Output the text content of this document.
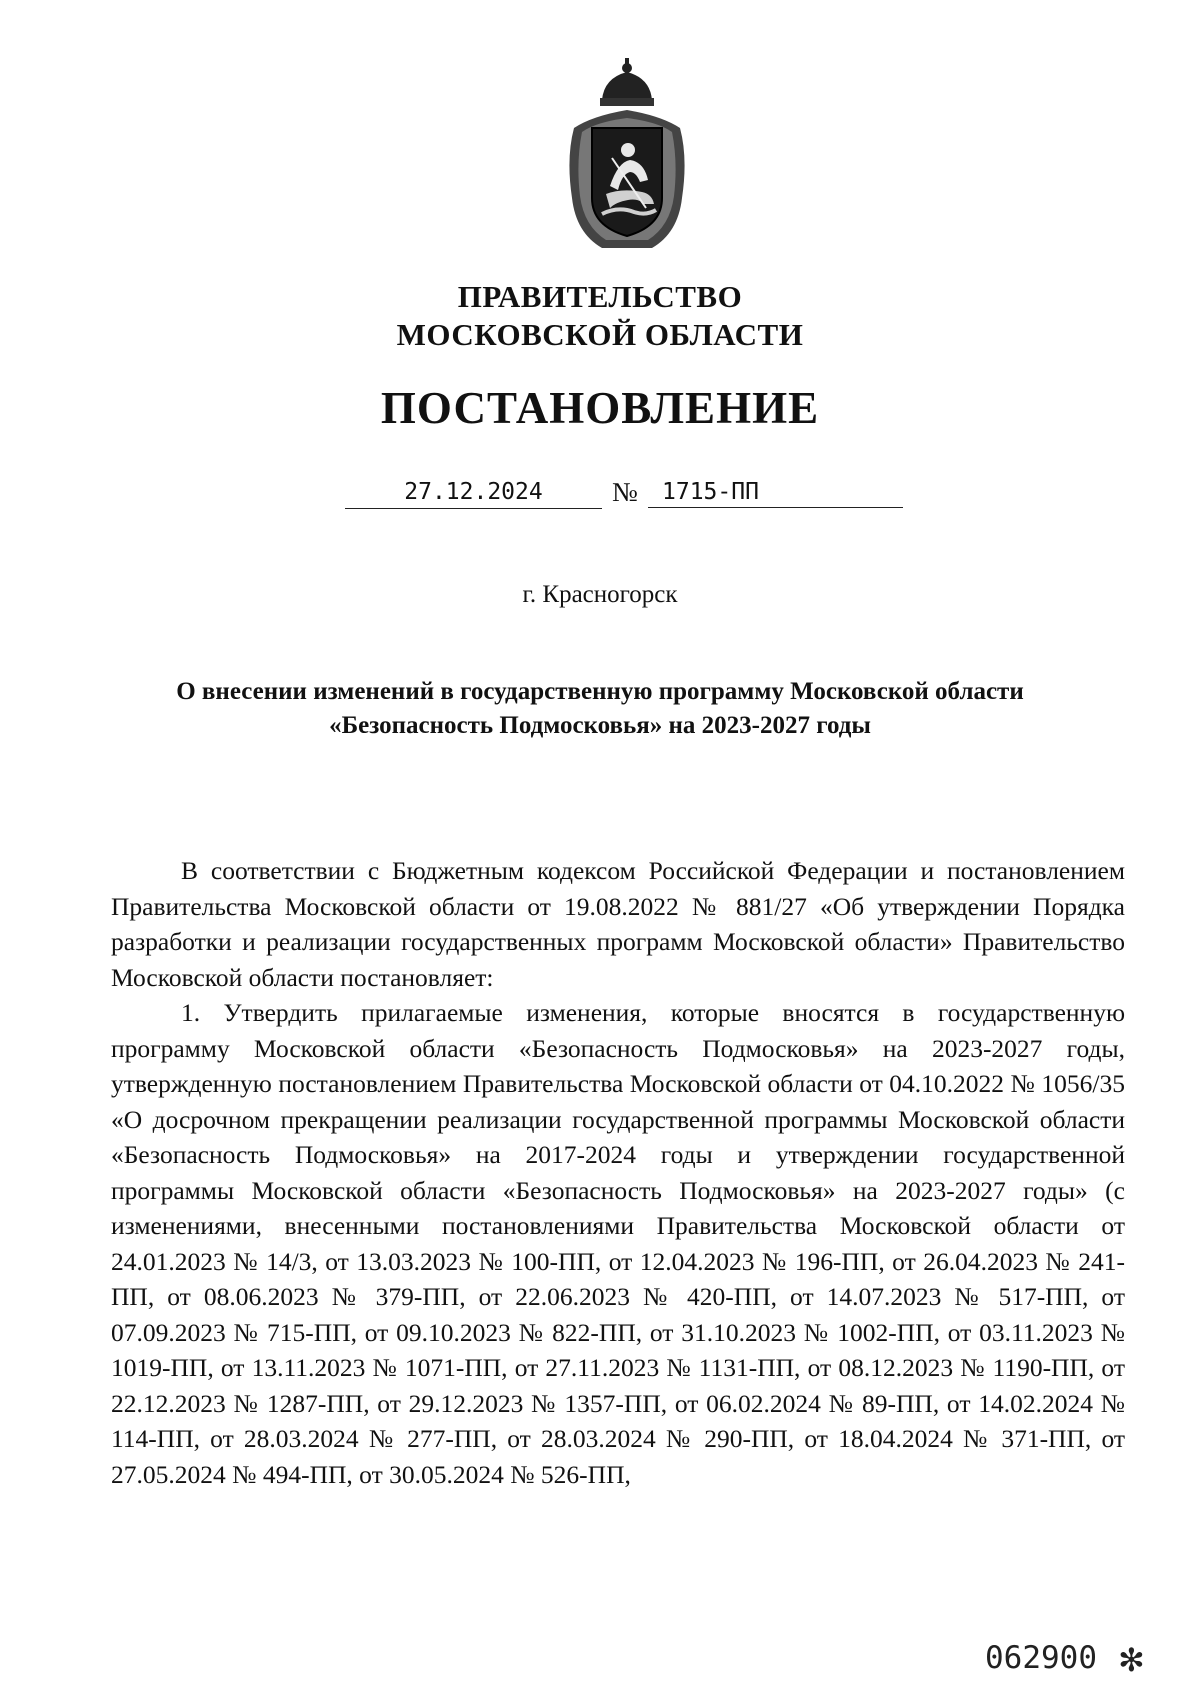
ПРАВИТЕЛЬСТВО
МОСКОВСКОЙ ОБЛАСТИ
ПОСТАНОВЛЕНИЕ
27.12.2024	№	1715-ПП
г. Красногорск
О внесении изменений в государственную программу Московской области
«Безопасность Подмосковья» на 2023-2027 годы

В соответствии с Бюджетным кодексом Российской Федерации и постановлением Правительства Московской области от 19.08.2022 № 881/27 «Об утверждении Порядка разработки и реализации государственных программ Московской области» Правительство Московской области постановляет:

1. Утвердить прилагаемые изменения, которые вносятся в государственную программу Московской области «Безопасность Подмосковья» на 2023-2027 годы, утвержденную постановлением Правительства Московской области от 04.10.2022 № 1056/35 «О досрочном прекращении реализации государственной программы Московской области «Безопасность Подмосковья» на 2017-2024 годы и утверждении государственной программы Московской области «Безопасность Подмосковья» на 2023-2027 годы» (с изменениями, внесенными постановлениями Правительства Московской области от 24.01.2023 № 14/3, от 13.03.2023 № 100-ПП, от 12.04.2023 № 196-ПП, от 26.04.2023 № 241-ПП, от 08.06.2023 № 379-ПП, от 22.06.2023 № 420-ПП, от 14.07.2023 № 517-ПП, от 07.09.2023 № 715-ПП, от 09.10.2023 № 822-ПП, от 31.10.2023 № 1002-ПП, от 03.11.2023 № 1019-ПП, от 13.11.2023 № 1071-ПП, от 27.11.2023 № 1131-ПП, от 08.12.2023 № 1190-ПП, от 22.12.2023 № 1287-ПП, от 29.12.2023 № 1357-ПП, от 06.02.2024 № 89-ПП, от 14.02.2024 № 114-ПП, от 28.03.2024 № 277-ПП, от 28.03.2024 № 290-ПП, от 18.04.2024 № 371-ПП, от 27.05.2024 № 494-ПП, от 30.05.2024 № 526-ПП,

062900 ✻
